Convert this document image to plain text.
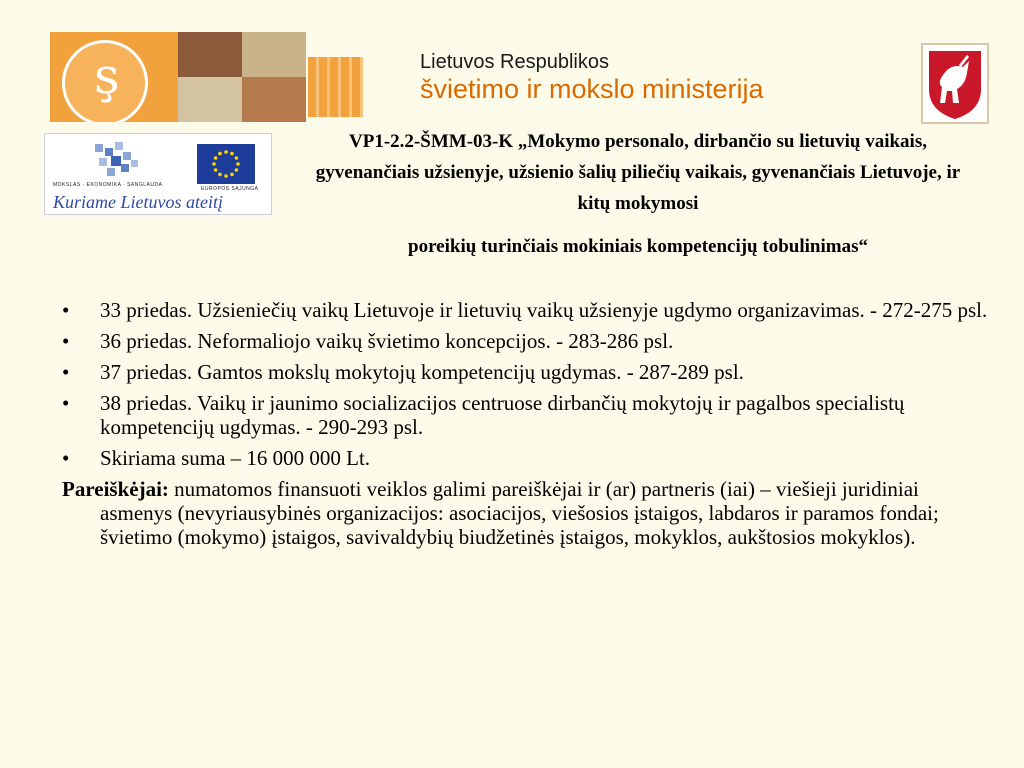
ş	Lietuvos Respublikos
švietimo ir mokslo ministerija
MOKSLAS · EKONOMIKA · SANGLAUDA
EUROPOS SĄJUNGA
Kuriame Lietuvos ateitį

VP1-2.2-ŠMM-03-K „Mokymo personalo, dirbančio su lietuvių vaikais, gyvenančiais užsienyje, užsienio šalių piliečių vaikais, gyvenančiais Lietuvoje, ir kitų mokymosi

poreikių turinčiais mokiniais kompetencijų tobulinimas“

• 33 priedas. Užsieniečių vaikų Lietuvoje ir lietuvių vaikų užsienyje ugdymo organizavimas. - 272-275 psl.
• 36 priedas. Neformaliojo vaikų švietimo koncepcijos. - 283-286 psl.
• 37 priedas. Gamtos mokslų mokytojų kompetencijų ugdymas. - 287-289 psl.
• 38 priedas. Vaikų ir jaunimo socializacijos centruose dirbančių mokytojų ir pagalbos specialistų kompetencijų ugdymas. - 290-293 psl.
• Skiriama suma – 16 000 000 Lt.
Pareiškėjai: numatomos finansuoti veiklos galimi pareiškėjai ir (ar) partneris (iai) – viešieji juridiniai asmenys (nevyriausybinės organizacijos: asociacijos, viešosios įstaigos, labdaros ir paramos fondai; švietimo (mokymo) įstaigos, savivaldybių biudžetinės įstaigos, mokyklos, aukštosios mokyklos).
